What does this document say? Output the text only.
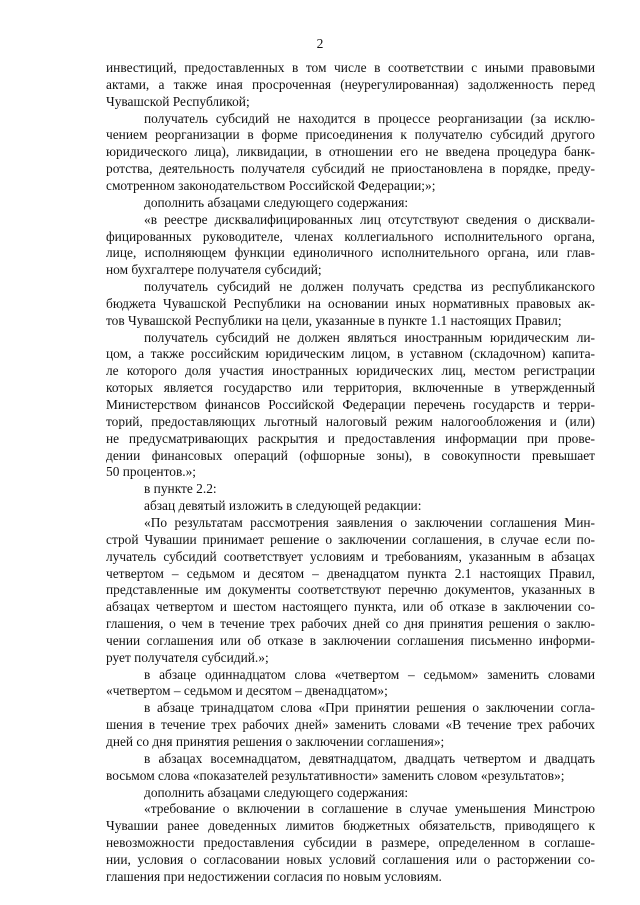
2
инвестиций, предоставленных в том числе в соответствии с иными правовыми
актами, а также иная просроченная (неурегулированная) задолженность перед
Чувашской Республикой;
получатель субсидий не находится в процессе реорганизации (за исклю-
чением реорганизации в форме присоединения к получателю субсидий другого
юридического лица), ликвидации, в отношении его не введена процедура банк-
ротства, деятельность получателя субсидий не приостановлена в порядке, преду-
смотренном законодательством Российской Федерации;»;
дополнить абзацами следующего содержания:
«в реестре дисквалифицированных лиц отсутствуют сведения о дисквали-
фицированных руководителе, членах коллегиального исполнительного органа,
лице, исполняющем функции единоличного исполнительного органа, или глав-
ном бухгалтере получателя субсидий;
получатель субсидий не должен получать средства из республиканского
бюджета Чувашской Республики на основании иных нормативных правовых ак-
тов Чувашской Республики на цели, указанные в пункте 1.1 настоящих Правил;
получатель субсидий не должен являться иностранным юридическим ли-
цом, а также российским юридическим лицом, в уставном (складочном) капита-
ле которого доля участия иностранных юридических лиц, местом регистрации
которых является государство или территория, включенные в утвержденный
Министерством финансов Российской Федерации перечень государств и терри-
торий, предоставляющих льготный налоговый режим налогообложения и (или)
не предусматривающих раскрытия и предоставления информации при прове-
дении финансовых операций (офшорные зоны), в совокупности превышает
50 процентов.»;
в пункте 2.2:
абзац девятый изложить в следующей редакции:
«По результатам рассмотрения заявления о заключении соглашения Мин-
строй Чувашии принимает решение о заключении соглашения, в случае если по-
лучатель субсидий соответствует условиям и требованиям, указанным в абзацах
четвертом – седьмом и десятом – двенадцатом пункта 2.1 настоящих Правил,
представленные им документы соответствуют перечню документов, указанных в
абзацах четвертом и шестом настоящего пункта, или об отказе в заключении со-
глашения, о чем в течение трех рабочих дней со дня принятия решения о заклю-
чении соглашения или об отказе в заключении соглашения письменно информи-
рует получателя субсидий.»;
в абзаце одиннадцатом слова «четвертом – седьмом» заменить словами
«четвертом – седьмом и десятом – двенадцатом»;
в абзаце тринадцатом слова «При принятии решения о заключении согла-
шения в течение трех рабочих дней» заменить словами «В течение трех рабочих
дней со дня принятия решения о заключении соглашения»;
в абзацах восемнадцатом, девятнадцатом, двадцать четвертом и двадцать
восьмом слова «показателей результативности» заменить словом «результатов»;
дополнить абзацами следующего содержания:
«требование о включении в соглашение в случае уменьшения Минстрою
Чувашии ранее доведенных лимитов бюджетных обязательств, приводящего к
невозможности предоставления субсидии в размере, определенном в соглаше-
нии, условия о согласовании новых условий соглашения или о расторжении со-
глашения при недостижении согласия по новым условиям.
